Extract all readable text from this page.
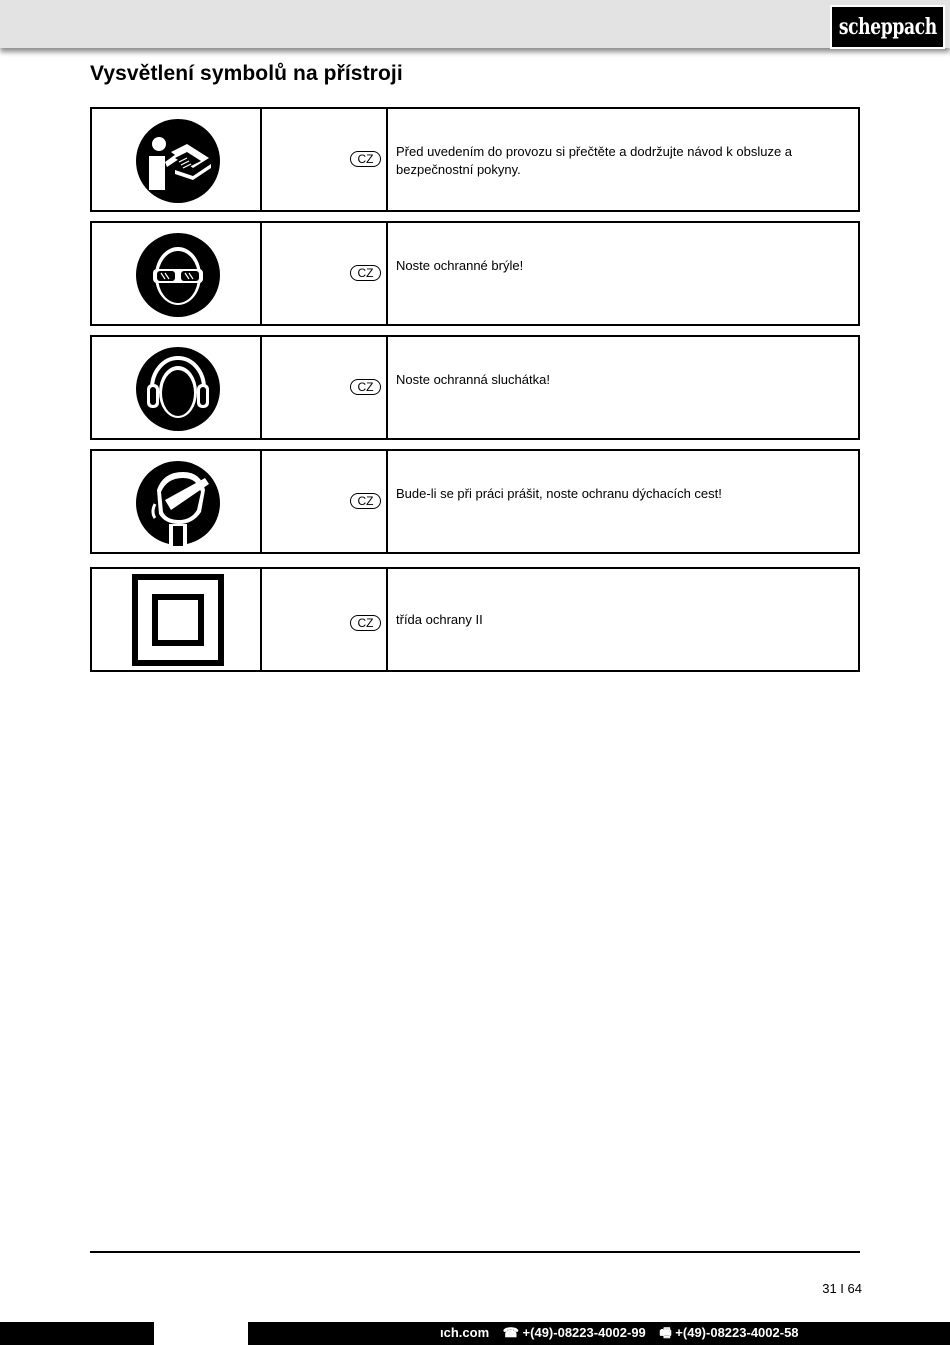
scheppach
Vysvětlení symbolů na přístroji
CZ	Před uvedením do provozu si přečtěte a dodržujte návod k obsluze a bezpečnostní pokyny.
CZ	Noste ochranné brýle!
CZ	Noste ochranná sluchátka!
CZ	Bude-li se při práci prášit, noste ochranu dýchacích cest!
CZ	třída ochrany II
31 I 64
ıch.com ☎ +(49)-08223-4002-99 🖷 +(49)-08223-4002-58
